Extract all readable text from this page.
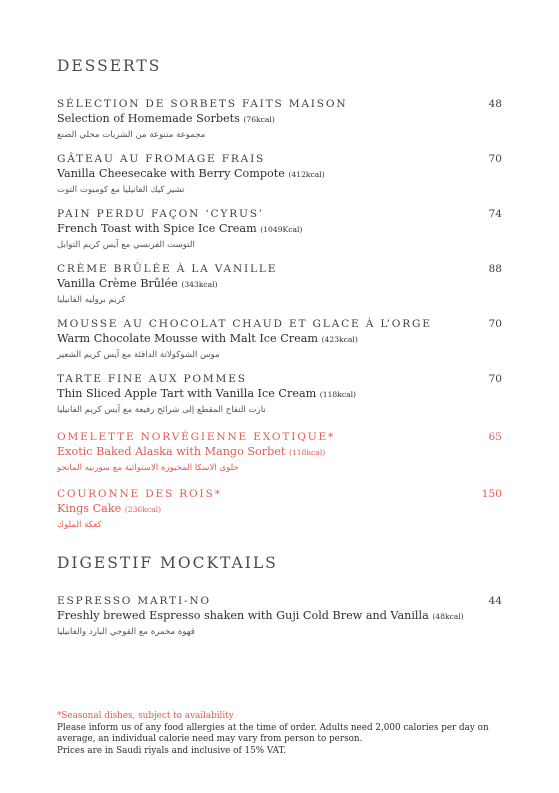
DESSERTS
SÉLECTION DE SORBETS FAITS MAISON
Selection of Homemade Sorbets (76kcal)
مجموعة متنوعة من الشربات محلي الصنع
48
GÂTEAU AU FROMAGE FRAIS
Vanilla Cheesecake with Berry Compote (412kcal)
تشيز كيك الفانيليا مع كومبوت التوت
70
PAIN PERDU FAÇON ‘CYRUS’
French Toast with Spice Ice Cream (1049Kcal)
التوست الفرنسي مع آيس كريم التوابل
74
CRÈME BRÛLÉE À LA VANILLE
Vanilla Crème Brûlée (343kcal)
كريم بروليه الفانيليا
88
MOUSSE AU CHOCOLAT CHAUD ET GLACE À L’ORGE
Warm Chocolate Mousse with Malt Ice Cream (423kcal)
موس الشوكولاتة الدافئة مع آيس كريم الشعير
70
TARTE FINE AUX POMMES
Thin Sliced Apple Tart with Vanilla Ice Cream (118kcal)
تارت التفاح المقطع إلى شرائح رفيعة مع آيس كريم الفانيليا
70
OMELETTE NORVÉGIENNE EXOTIQUE*
Exotic Baked Alaska with Mango Sorbet (118kcal)
حلوى الاسكا المخبوزة الاستوائية مع سوربيه المانجو
65
COURONNE DES ROIS*
Kings Cake (236kcal)
كعكة الملوك
150
DIGESTIF MOCKTAILS
ESPRESSO MARTI-NO
Freshly brewed Espresso shaken with Guji Cold Brew and Vanilla (48kcal)
قهوة مخمرة مع القوجي البارد والفانيليا
44
*Seasonal dishes, subject to availability
Please inform us of any food allergies at the time of order. Adults need 2,000 calories per day on
average, an individual calorie need may vary from person to person.
Prices are in Saudi riyals and inclusive of 15% VAT.
